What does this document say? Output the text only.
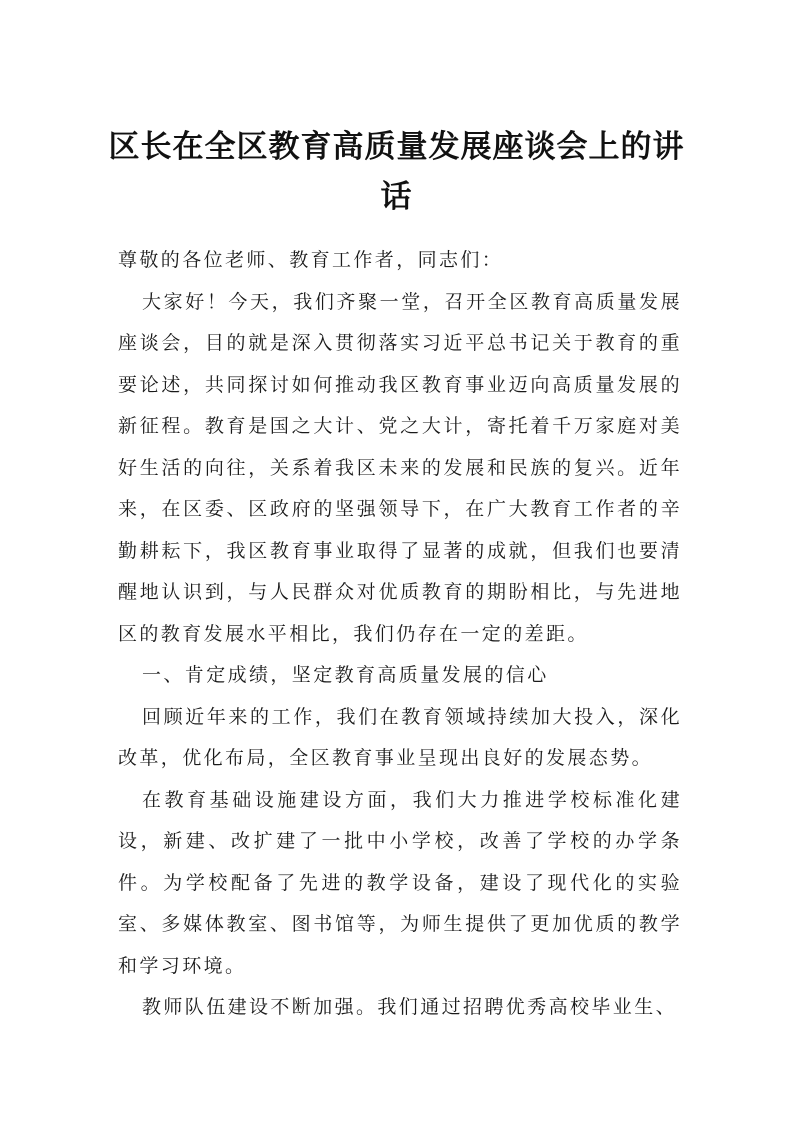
区长在全区教育高质量发展座谈会上的讲话

尊敬的各位老师、教育工作者，同志们：

大家好！今天，我们齐聚一堂，召开全区教育高质量发展座谈会，目的就是深入贯彻落实习近平总书记关于教育的重要论述，共同探讨如何推动我区教育事业迈向高质量发展的新征程。教育是国之大计、党之大计，寄托着千万家庭对美好生活的向往，关系着我区未来的发展和民族的复兴。近年来，在区委、区政府的坚强领导下，在广大教育工作者的辛勤耕耘下，我区教育事业取得了显著的成就，但我们也要清醒地认识到，与人民群众对优质教育的期盼相比，与先进地区的教育发展水平相比，我们仍存在一定的差距。

一、肯定成绩，坚定教育高质量发展的信心

回顾近年来的工作，我们在教育领域持续加大投入，深化改革，优化布局，全区教育事业呈现出良好的发展态势。

在教育基础设施建设方面，我们大力推进学校标准化建设，新建、改扩建了一批中小学校，改善了学校的办学条件。为学校配备了先进的教学设备，建设了现代化的实验室、多媒体教室、图书馆等，为师生提供了更加优质的教学和学习环境。

教师队伍建设不断加强。我们通过招聘优秀高校毕业生、
